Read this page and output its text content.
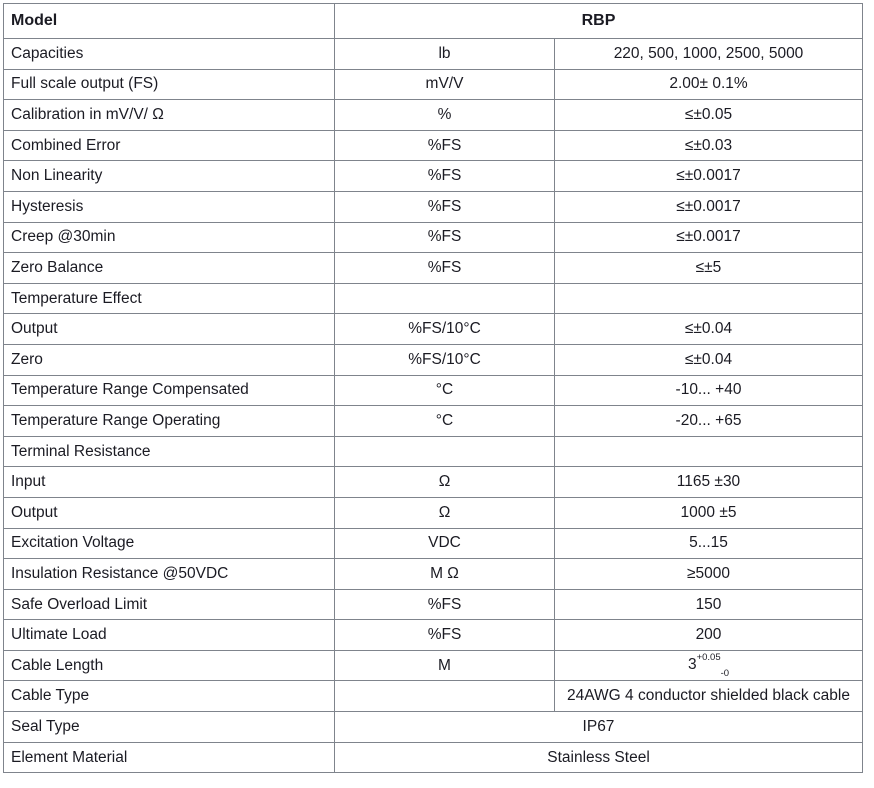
Model	RBP	
Capacities	lb	220, 500, 1000, 2500, 5000
Full scale output (FS)	mV/V	2.00± 0.1%
Calibration in mV/V/ Ω	%	≤±0.05
Combined Error	%FS	≤±0.03
Non Linearity	%FS	≤±0.0017
Hysteresis	%FS	≤±0.0017
Creep @30min	%FS	≤±0.0017
Zero Balance	%FS	≤±5
Temperature Effect		
Output	%FS/10°C	≤±0.04
Zero	%FS/10°C	≤±0.04
Temperature Range Compensated	°C	-10... +40
Temperature Range Operating	°C	-20... +65
Terminal Resistance		
Input	Ω	1165 ±30
Output	Ω	1000 ±5
Excitation Voltage	VDC	5...15
Insulation Resistance @50VDC	M Ω	≥5000
Safe Overload Limit	%FS	150
Ultimate Load	%FS	200
Cable Length	M	$3^{+0.05}_{-0}$
Cable Type		24AWG 4 conductor shielded black cable
Seal Type	IP67	
Element Material	Stainless Steel	
